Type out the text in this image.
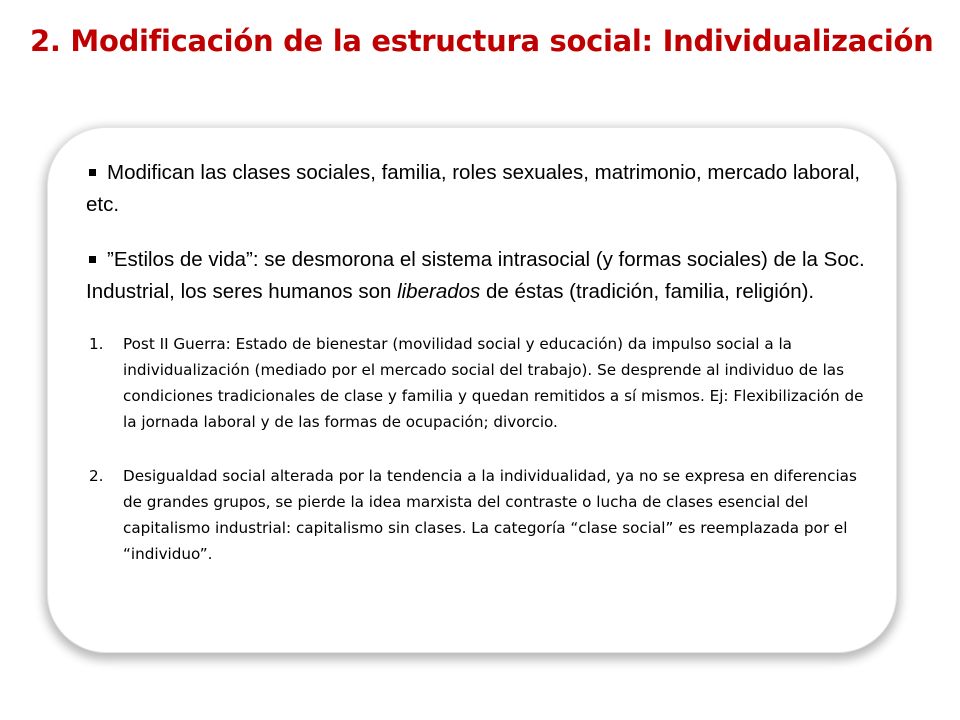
2. Modificación de la estructura social: Individualización

Modifican las clases sociales, familia, roles sexuales, matrimonio, mercado laboral, etc.

”Estilos de vida”: se desmorona el sistema intrasocial (y formas sociales) de la Soc. Industrial, los seres humanos son liberados de éstas (tradición, familia, religión).

1. Post II Guerra: Estado de bienestar (movilidad social y educación) da impulso social a la individualización (mediado por el mercado social del trabajo). Se desprende al individuo de las condiciones tradicionales de clase y familia y quedan remitidos a sí mismos. Ej: Flexibilización de la jornada laboral y de las formas de ocupación; divorcio.
2. Desigualdad social alterada por la tendencia a la individualidad, ya no se expresa en diferencias de grandes grupos, se pierde la idea marxista del contraste o lucha de clases esencial del capitalismo industrial: capitalismo sin clases. La categoría “clase social” es reemplazada por el “individuo”.
